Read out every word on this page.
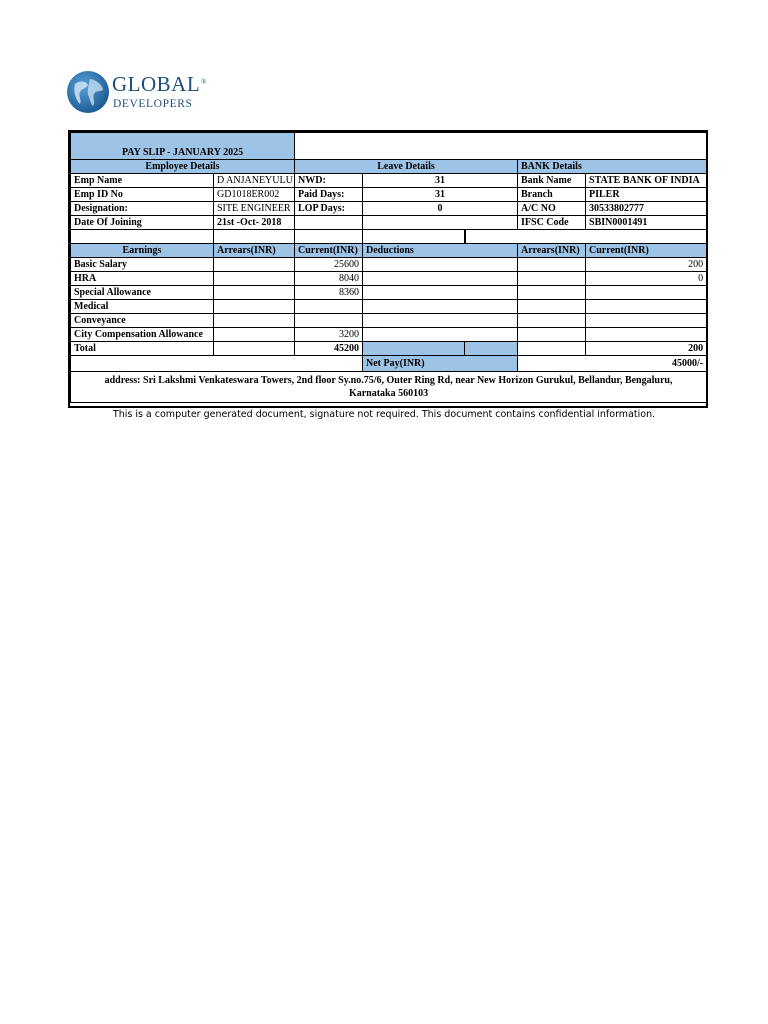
GLOBAL®
DEVELOPERS
PAY SLIP - JANUARY 2025						
Employee Details		Leave Details			BANK Details	
Emp Name	D ANJANEYULU	NWD:	31		Bank Name	STATE BANK OF INDIA
Emp ID No	GD1018ER002	Paid Days:	31		Branch	PILER
Designation:	SITE ENGINEER	LOP Days:	0		A/C NO	30533802777
Date Of Joining	21st -Oct- 2018				IFSC Code	SBIN0001491

Earnings	Arrears(INR)	Current(INR)	Deductions		Arrears(INR)	Current(INR)
Basic Salary		25600				200
HRA		8040				0
Special Allowance		8360				
Medical						
Conveyance						
City Compensation Allowance		3200				
Total		45200				200
			Net Pay(INR)		45000/-	
address: Sri Lakshmi Venkateswara Towers, 2nd floor Sy.no.75/6, Outer Ring Rd, near New Horizon Gurukul, Bellandur, Bengaluru, Karnataka 560103						
This is a computer generated document, signature not required. This document contains confidential information.
